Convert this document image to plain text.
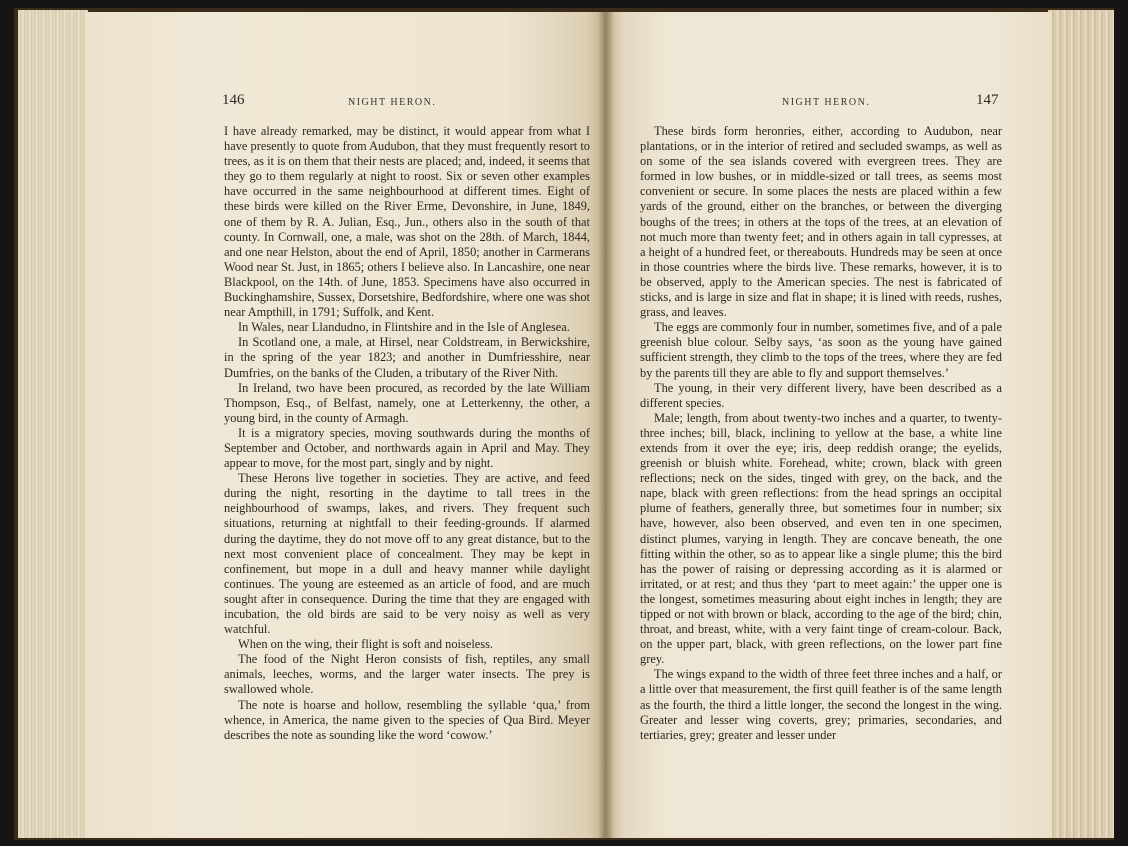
146	NIGHT HERON.

I have already remarked, may be distinct, it would appear from what I have presently to quote from Audubon, that they must frequently resort to trees, as it is on them that their nests are placed; and, indeed, it seems that they go to them regularly at night to roost. Six or seven other examples have occurred in the same neighbourhood at different times. Eight of these birds were killed on the River Erme, Devonshire, in June, 1849, one of them by R. A. Julian, Esq., Jun., others also in the south of that county. In Cornwall, one, a male, was shot on the 28th. of March, 1844, and one near Helston, about the end of April, 1850; another in Carmerans Wood near St. Just, in 1865; others I believe also. In Lancashire, one near Blackpool, on the 14th. of June, 1853. Specimens have also occurred in Buckinghamshire, Sussex, Dorsetshire, Bedfordshire, where one was shot near Ampthill, in 1791; Suffolk, and Kent.

In Wales, near Llandudno, in Flintshire and in the Isle of Anglesea.

In Scotland one, a male, at Hirsel, near Coldstream, in Berwickshire, in the spring of the year 1823; and another in Dumfriesshire, near Dumfries, on the banks of the Cluden, a tributary of the River Nith.

In Ireland, two have been procured, as recorded by the late William Thompson, Esq., of Belfast, namely, one at Letterkenny, the other, a young bird, in the county of Armagh.

It is a migratory species, moving southwards during the months of September and October, and northwards again in April and May. They appear to move, for the most part, singly and by night.

These Herons live together in societies. They are active, and feed during the night, resorting in the daytime to tall trees in the neighbourhood of swamps, lakes, and rivers. They frequent such situations, returning at nightfall to their feeding-grounds. If alarmed during the daytime, they do not move off to any great distance, but to the next most convenient place of concealment. They may be kept in confinement, but mope in a dull and heavy manner while daylight continues. The young are esteemed as an article of food, and are much sought after in consequence. During the time that they are engaged with incubation, the old birds are said to be very noisy as well as very watchful.

When on the wing, their flight is soft and noiseless.

The food of the Night Heron consists of fish, reptiles, any small animals, leeches, worms, and the larger water insects. The prey is swallowed whole.

The note is hoarse and hollow, resembling the syllable ‘qua,’ from whence, in America, the name given to the species of Qua Bird. Meyer describes the note as sounding like the word ‘cowow.’

NIGHT HERON.	147

These birds form heronries, either, according to Audubon, near plantations, or in the interior of retired and secluded swamps, as well as on some of the sea islands covered with evergreen trees. They are formed in low bushes, or in middle-sized or tall trees, as seems most convenient or secure. In some places the nests are placed within a few yards of the ground, either on the branches, or between the diverging boughs of the trees; in others at the tops of the trees, at an elevation of not much more than twenty feet; and in others again in tall cypresses, at a height of a hundred feet, or thereabouts. Hundreds may be seen at once in those countries where the birds live. These remarks, however, it is to be observed, apply to the American species. The nest is fabricated of sticks, and is large in size and flat in shape; it is lined with reeds, rushes, grass, and leaves.

The eggs are commonly four in number, sometimes five, and of a pale greenish blue colour. Selby says, ‘as soon as the young have gained sufficient strength, they climb to the tops of the trees, where they are fed by the parents till they are able to fly and support themselves.’

The young, in their very different livery, have been described as a different species.

Male; length, from about twenty-two inches and a quarter, to twenty-three inches; bill, black, inclining to yellow at the base, a white line extends from it over the eye; iris, deep reddish orange; the eyelids, greenish or bluish white. Forehead, white; crown, black with green reflections; neck on the sides, tinged with grey, on the back, and the nape, black with green reflections: from the head springs an occipital plume of feathers, generally three, but sometimes four in number; six have, however, also been observed, and even ten in one specimen, distinct plumes, varying in length. They are concave beneath, the one fitting within the other, so as to appear like a single plume; this the bird has the power of raising or depressing according as it is alarmed or irritated, or at rest; and thus they ‘part to meet again:’ the upper one is the longest, sometimes measuring about eight inches in length; they are tipped or not with brown or black, according to the age of the bird; chin, throat, and breast, white, with a very faint tinge of cream-colour. Back, on the upper part, black, with green reflections, on the lower part fine grey.

The wings expand to the width of three feet three inches and a half, or a little over that measurement, the first quill feather is of the same length as the fourth, the third a little longer, the second the longest in the wing. Greater and lesser wing coverts, grey; primaries, secondaries, and tertiaries, grey; greater and lesser under
